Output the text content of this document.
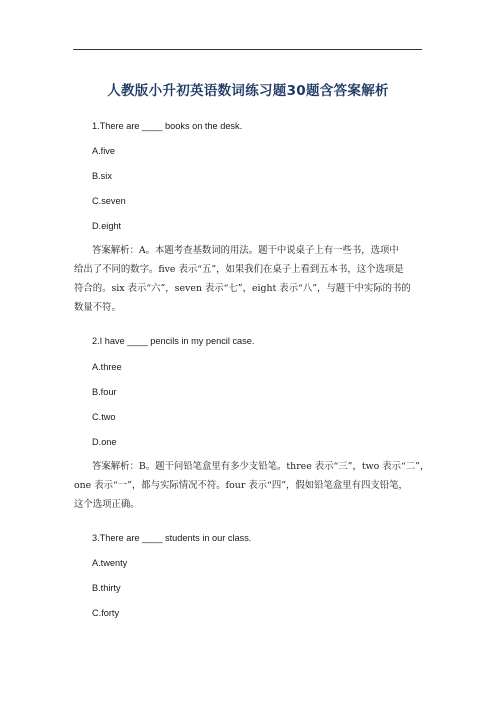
人教版小升初英语数词练习题30题含答案解析
1.There are ____ books on the desk.
A.five
B.six
C.seven
D.eight
答案解析：A。本题考查基数词的用法。题干中说桌子上有一些书，选项中
给出了不同的数字。five 表示“五”，如果我们在桌子上看到五本书，这个选项是
符合的。six 表示“六”，seven 表示“七”，eight 表示“八”，与题干中实际的书的
数量不符。
2.I have ____ pencils in my pencil case.
A.three
B.four
C.two
D.one
答案解析：B。题干问铅笔盒里有多少支铅笔。three 表示“三”，two 表示“二”，
one 表示“一”，都与实际情况不符。four 表示“四”，假如铅笔盒里有四支铅笔，
这个选项正确。
3.There are ____ students in our class.
A.twenty
B.thirty
C.forty
